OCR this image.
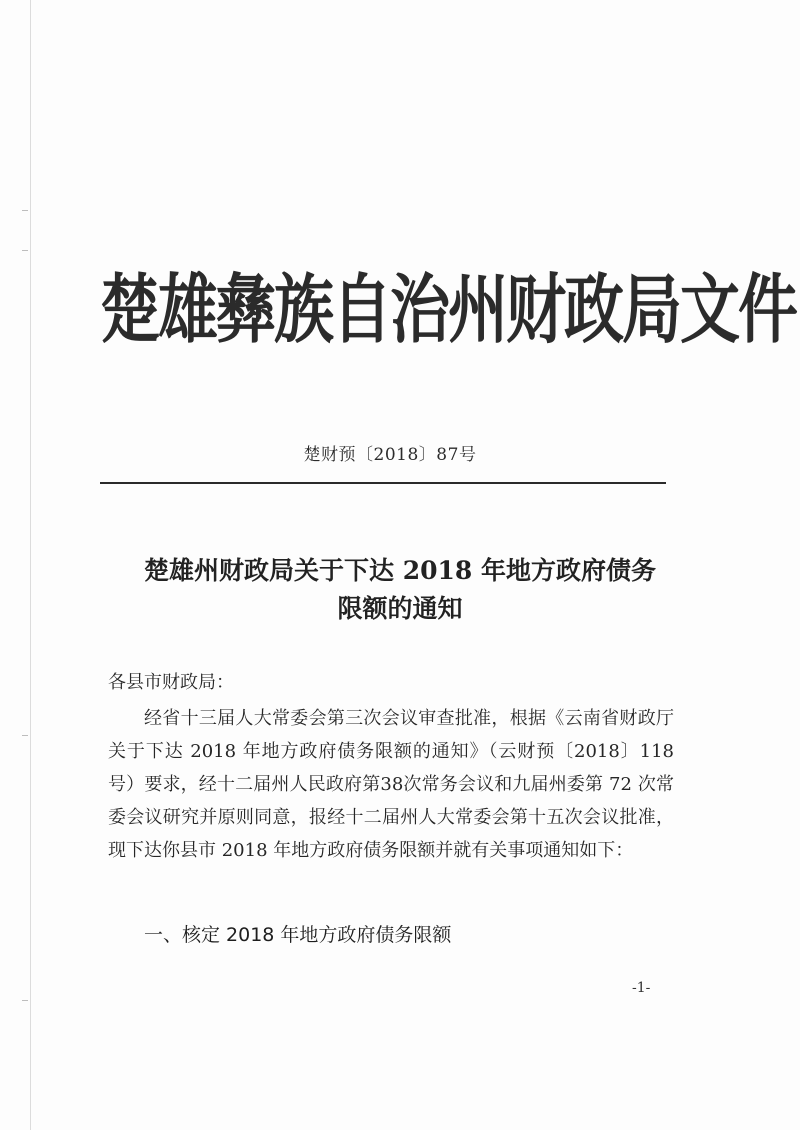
楚雄彝族自治州财政局文件
楚财预〔2018〕87号
楚雄州财政局关于下达 2018 年地方政府债务
限额的通知
各县市财政局：

经省十三届人大常委会第三次会议审查批准，根据《云南省财政厅关于下达 2018 年地方政府债务限额的通知》（云财预〔2018〕118号）要求，经十二届州人民政府第38次常务会议和九届州委第 72 次常委会议研究并原则同意，报经十二届州人大常委会第十五次会议批准，现下达你县市 2018 年地方政府债务限额并就有关事项通知如下：

一、核定 2018 年地方政府债务限额
-1-
